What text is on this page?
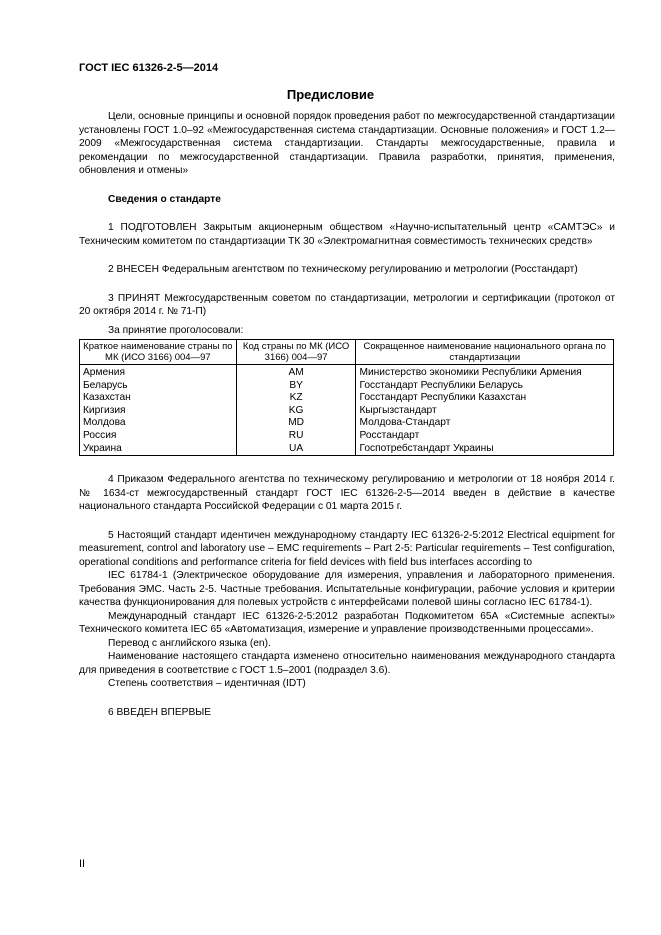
ГОСТ IEC 61326-2-5—2014
Предисловие

Цели, основные принципы и основной порядок проведения работ по межгосударственной стандартизации установлены ГОСТ 1.0–92 «Межгосударственная система стандартизации. Основные положения» и ГОСТ 1.2—2009 «Межгосударственная система стандартизации. Стандарты межгосударственные, правила и рекомендации по межгосударственной стандартизации. Правила разработки, принятия, применения, обновления и отмены»

Сведения о стандарте

1 ПОДГОТОВЛЕН Закрытым акционерным обществом «Научно-испытательный центр «САМТЭС» и Техническим комитетом по стандартизации ТК 30 «Электромагнитная совместимость технических средств»

2 ВНЕСЕН Федеральным агентством по техническому регулированию и метрологии (Росстандарт)

3 ПРИНЯТ Межгосударственным советом по стандартизации, метрологии и сертификации (протокол от 20 октября 2014 г. № 71-П)

За принятие проголосовали:

Краткое наименование страны по МК (ИСО 3166) 004—97	Код страны по МК (ИСО 3166) 004—97	Сокращенное наименование национального органа по стандартизации
Армения	AM	Министерство экономики Республики Армения
Беларусь	BY	Госстандарт Республики Беларусь
Казахстан	KZ	Госстандарт Республики Казахстан
Киргизия	KG	Кыргызстандарт
Молдова	MD	Молдова-Стандарт
Россия	RU	Росстандарт
Украина	UA	Госпотребстандарт Украины

4 Приказом Федерального агентства по техническому регулированию и метрологии от 18 ноября 2014 г. № 1634-ст межгосударственный стандарт ГОСТ IEC 61326-2-5—2014 введен в действие в качестве национального стандарта Российской Федерации с 01 марта 2015 г.

5 Настоящий стандарт идентичен международному стандарту IEC 61326-2-5:2012 Electrical equipment for measurement, control and laboratory use – EMC requirements – Part 2-5: Particular requirements – Test configuration, operational conditions and performance criteria for field devices with field bus interfaces according to

IEC 61784-1 (Электрическое оборудование для измерения, управления и лабораторного применения. Требования ЭМС. Часть 2-5. Частные требования. Испытательные конфигурации, рабочие условия и критерии качества функционирования для полевых устройств с интерфейсами полевой шины согласно IEC 61784-1).

Международный стандарт IEC 61326-2-5:2012 разработан Подкомитетом 65А «Системные аспекты» Технического комитета IEC 65 «Автоматизация, измерение и управление производственными процессами».

Перевод с английского языка (en).

Наименование настоящего стандарта изменено относительно наименования международного стандарта для приведения в соответствие с ГОСТ 1.5–2001 (подраздел 3.6).

Степень соответствия – идентичная (IDT)

6 ВВЕДЕН ВПЕРВЫЕ

II
